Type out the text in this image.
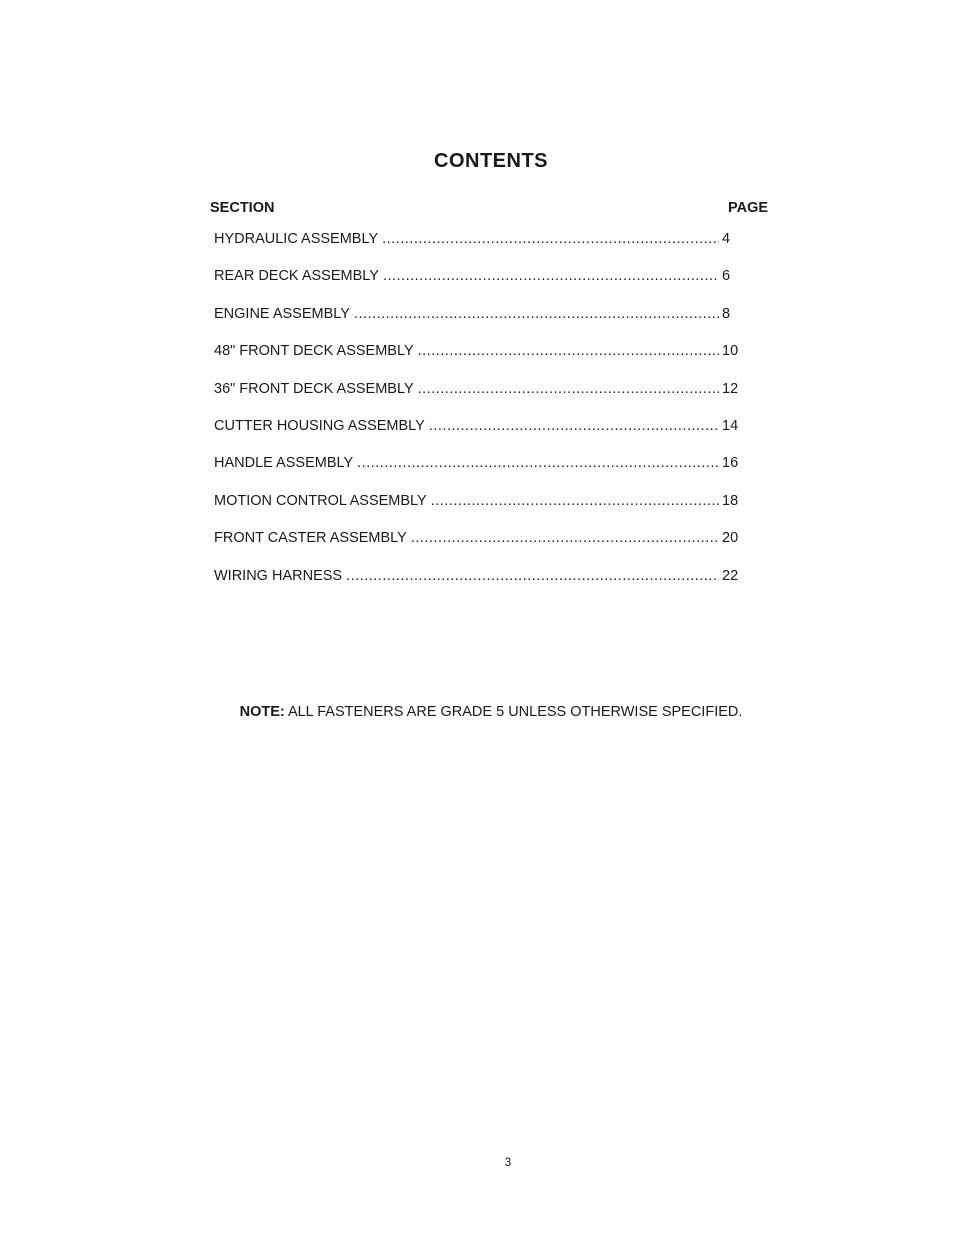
CONTENTS
SECTION	PAGE
HYDRAULIC ASSEMBLY .....	4
REAR DECK ASSEMBLY .....	6
ENGINE ASSEMBLY .....	8
48" FRONT DECK ASSEMBLY .....	10
36" FRONT DECK ASSEMBLY .....	12
CUTTER HOUSING ASSEMBLY .....	14
HANDLE ASSEMBLY .....	16
MOTION CONTROL ASSEMBLY .....	18
FRONT CASTER ASSEMBLY .....	20
WIRING HARNESS .....	22
NOTE: ALL FASTENERS ARE GRADE 5 UNLESS OTHERWISE SPECIFIED.
3
